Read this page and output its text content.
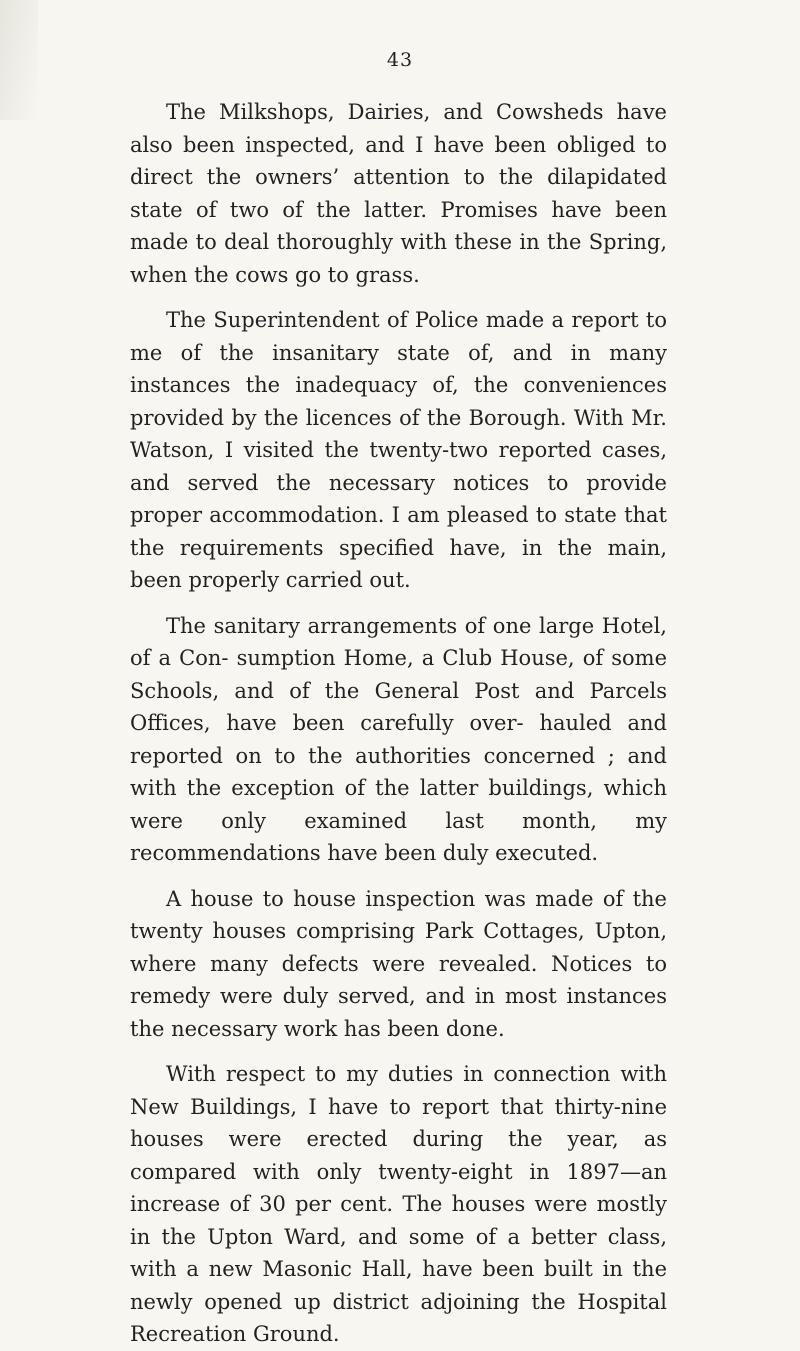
43

The Milkshops, Dairies, and Cowsheds have also been inspected, and I have been obliged to direct the owners’ attention to the dilapidated state of two of the latter. Promises have been made to deal thoroughly with these in the Spring, when the cows go to grass.

The Superintendent of Police made a report to me of the insanitary state of, and in many instances the inadequacy of, the conveniences provided by the licences of the Borough. With Mr. Watson, I visited the twenty-two reported cases, and served the necessary notices to provide proper accommodation. I am pleased to state that the requirements specified have, in the main, been properly carried out.

The sanitary arrangements of one large Hotel, of a Con- sumption Home, a Club House, of some Schools, and of the General Post and Parcels Offices, have been carefully over- hauled and reported on to the authorities concerned ; and with the exception of the latter buildings, which were only examined last month, my recommendations have been duly executed.

A house to house inspection was made of the twenty houses comprising Park Cottages, Upton, where many defects were revealed. Notices to remedy were duly served, and in most instances the necessary work has been done.

With respect to my duties in connection with New Buildings, I have to report that thirty-nine houses were erected during the year, as compared with only twenty-eight in 1897—an increase of 30 per cent. The houses were mostly in the Upton Ward, and some of a better class, with a new Masonic Hall, have been built in the newly opened up district adjoining the Hospital Recreation Ground.
